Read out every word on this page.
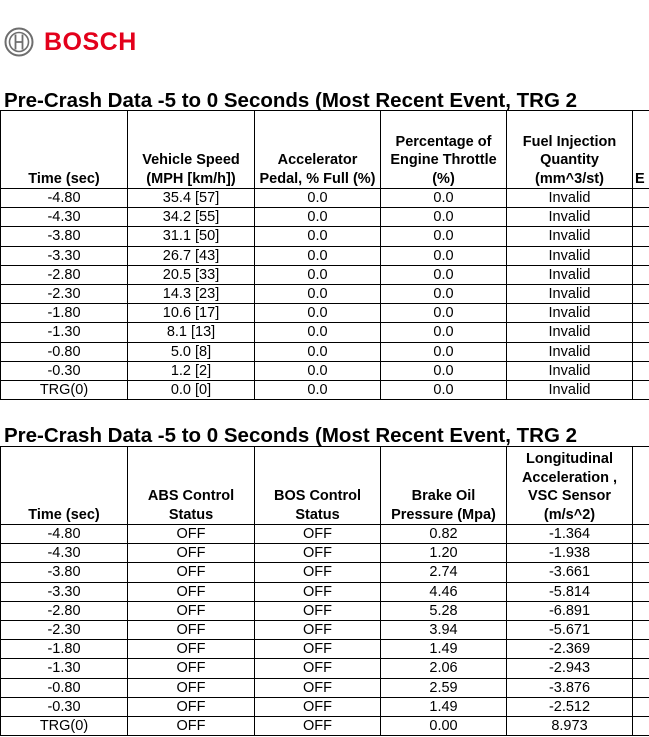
BOSCH
Pre-Crash Data -5 to 0 Seconds (Most Recent Event, TRG 2
Time (sec)	Vehicle Speed (MPH [km/h])	Accelerator Pedal, % Full (%)	Percentage of Engine Throttle (%)	Fuel Injection Quantity (mm^3/st)	E
-4.80	35.4 [57]	0.0	0.0	Invalid	
-4.30	34.2 [55]	0.0	0.0	Invalid	
-3.80	31.1 [50]	0.0	0.0	Invalid	
-3.30	26.7 [43]	0.0	0.0	Invalid	
-2.80	20.5 [33]	0.0	0.0	Invalid	
-2.30	14.3 [23]	0.0	0.0	Invalid	
-1.80	10.6 [17]	0.0	0.0	Invalid	
-1.30	8.1 [13]	0.0	0.0	Invalid	
-0.80	5.0 [8]	0.0	0.0	Invalid	
-0.30	1.2 [2]	0.0	0.0	Invalid	
TRG(0)	0.0 [0]	0.0	0.0	Invalid	
Pre-Crash Data -5 to 0 Seconds (Most Recent Event, TRG 2
Time (sec)	ABS Control Status	BOS Control Status	Brake Oil Pressure (Mpa)	Longitudinal Acceleration , VSC Sensor (m/s^2)	
-4.80	OFF	OFF	0.82	-1.364	
-4.30	OFF	OFF	1.20	-1.938	
-3.80	OFF	OFF	2.74	-3.661	
-3.30	OFF	OFF	4.46	-5.814	
-2.80	OFF	OFF	5.28	-6.891	
-2.30	OFF	OFF	3.94	-5.671	
-1.80	OFF	OFF	1.49	-2.369	
-1.30	OFF	OFF	2.06	-2.943	
-0.80	OFF	OFF	2.59	-3.876	
-0.30	OFF	OFF	1.49	-2.512	
TRG(0)	OFF	OFF	0.00	8.973	
